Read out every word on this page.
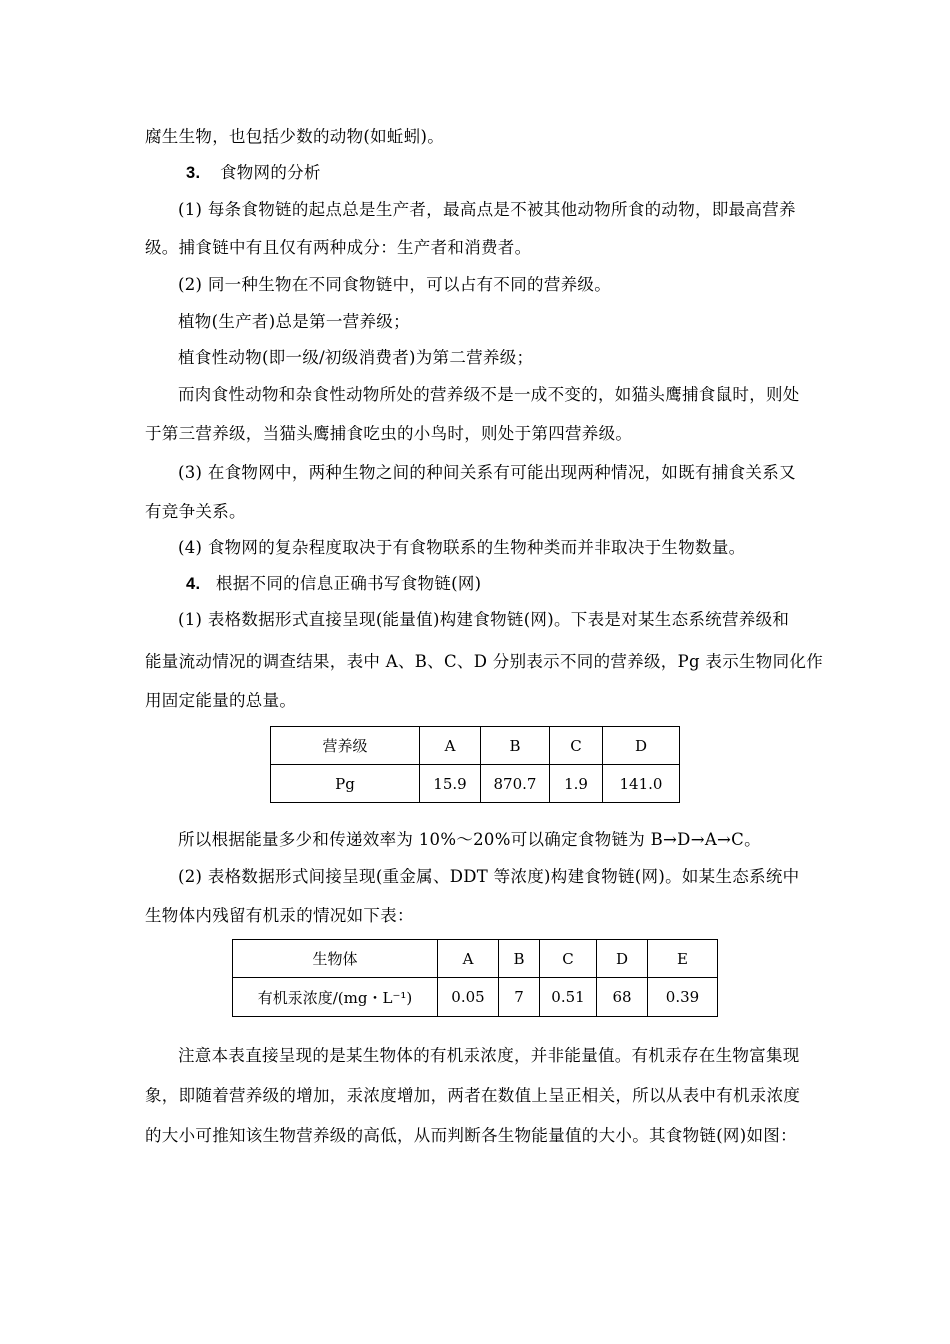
腐生生物，也包括少数的动物(如蚯蚓)。
3. 食物网的分析
(1) 每条食物链的起点总是生产者，最高点是不被其他动物所食的动物，即最高营养
级。捕食链中有且仅有两种成分：生产者和消费者。
(2) 同一种生物在不同食物链中，可以占有不同的营养级。
植物(生产者)总是第一营养级；
植食性动物(即一级/初级消费者)为第二营养级；
而肉食性动物和杂食性动物所处的营养级不是一成不变的，如猫头鹰捕食鼠时，则处
于第三营养级，当猫头鹰捕食吃虫的小鸟时，则处于第四营养级。
(3) 在食物网中，两种生物之间的种间关系有可能出现两种情况，如既有捕食关系又
有竞争关系。
(4) 食物网的复杂程度取决于有食物联系的生物种类而并非取决于生物数量。
4. 根据不同的信息正确书写食物链(网)
(1) 表格数据形式直接呈现(能量值)构建食物链(网)。下表是对某生态系统营养级和
能量流动情况的调查结果，表中 A、B、C、D 分别表示不同的营养级，Pg 表示生物同化作
用固定能量的总量。
营养级	A	B	C	D
Pg	15.9	870.7	1.9	141.0
所以根据能量多少和传递效率为 10%～20%可以确定食物链为 B→D→A→C。
(2) 表格数据形式间接呈现(重金属、DDT 等浓度)构建食物链(网)。如某生态系统中
生物体内残留有机汞的情况如下表：
生物体	A	B	C	D	E
有机汞浓度/(mg・L⁻¹)	0.05	7	0.51	68	0.39
注意本表直接呈现的是某生物体的有机汞浓度，并非能量值。有机汞存在生物富集现
象，即随着营养级的增加，汞浓度增加，两者在数值上呈正相关，所以从表中有机汞浓度
的大小可推知该生物营养级的高低，从而判断各生物能量值的大小。其食物链(网)如图：
